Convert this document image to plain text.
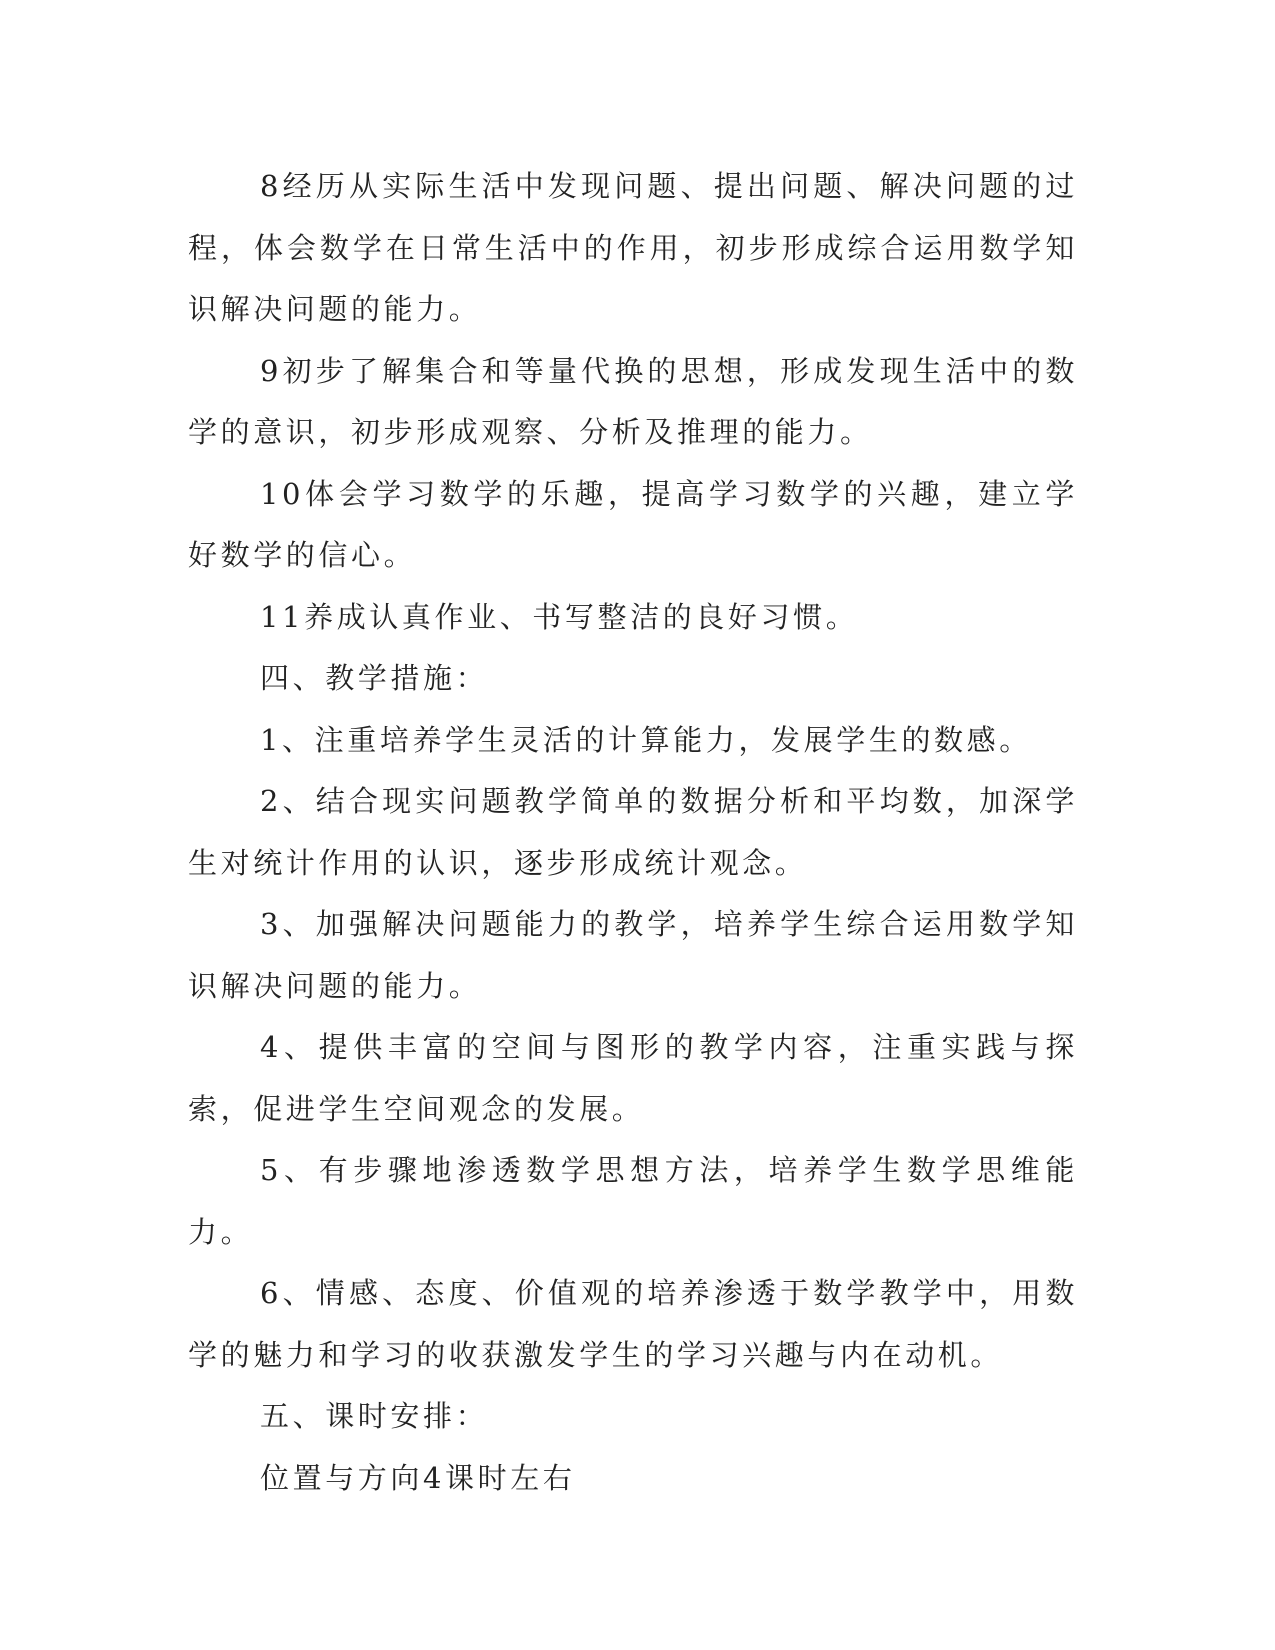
8经历从实际生活中发现问题、提出问题、解决问题的过程，体会数学在日常生活中的作用，初步形成综合运用数学知识解决问题的能力。

9初步了解集合和等量代换的思想，形成发现生活中的数学的意识，初步形成观察、分析及推理的能力。

10体会学习数学的乐趣，提高学习数学的兴趣，建立学好数学的信心。

11养成认真作业、书写整洁的良好习惯。

四、教学措施：

1、注重培养学生灵活的计算能力，发展学生的数感。

2、结合现实问题教学简单的数据分析和平均数，加深学生对统计作用的认识，逐步形成统计观念。

3、加强解决问题能力的教学，培养学生综合运用数学知识解决问题的能力。

4、提供丰富的空间与图形的教学内容，注重实践与探索，促进学生空间观念的发展。

5、有步骤地渗透数学思想方法，培养学生数学思维能力。

6、情感、态度、价值观的培养渗透于数学教学中，用数学的魅力和学习的收获激发学生的学习兴趣与内在动机。

五、课时安排：

位置与方向4课时左右
